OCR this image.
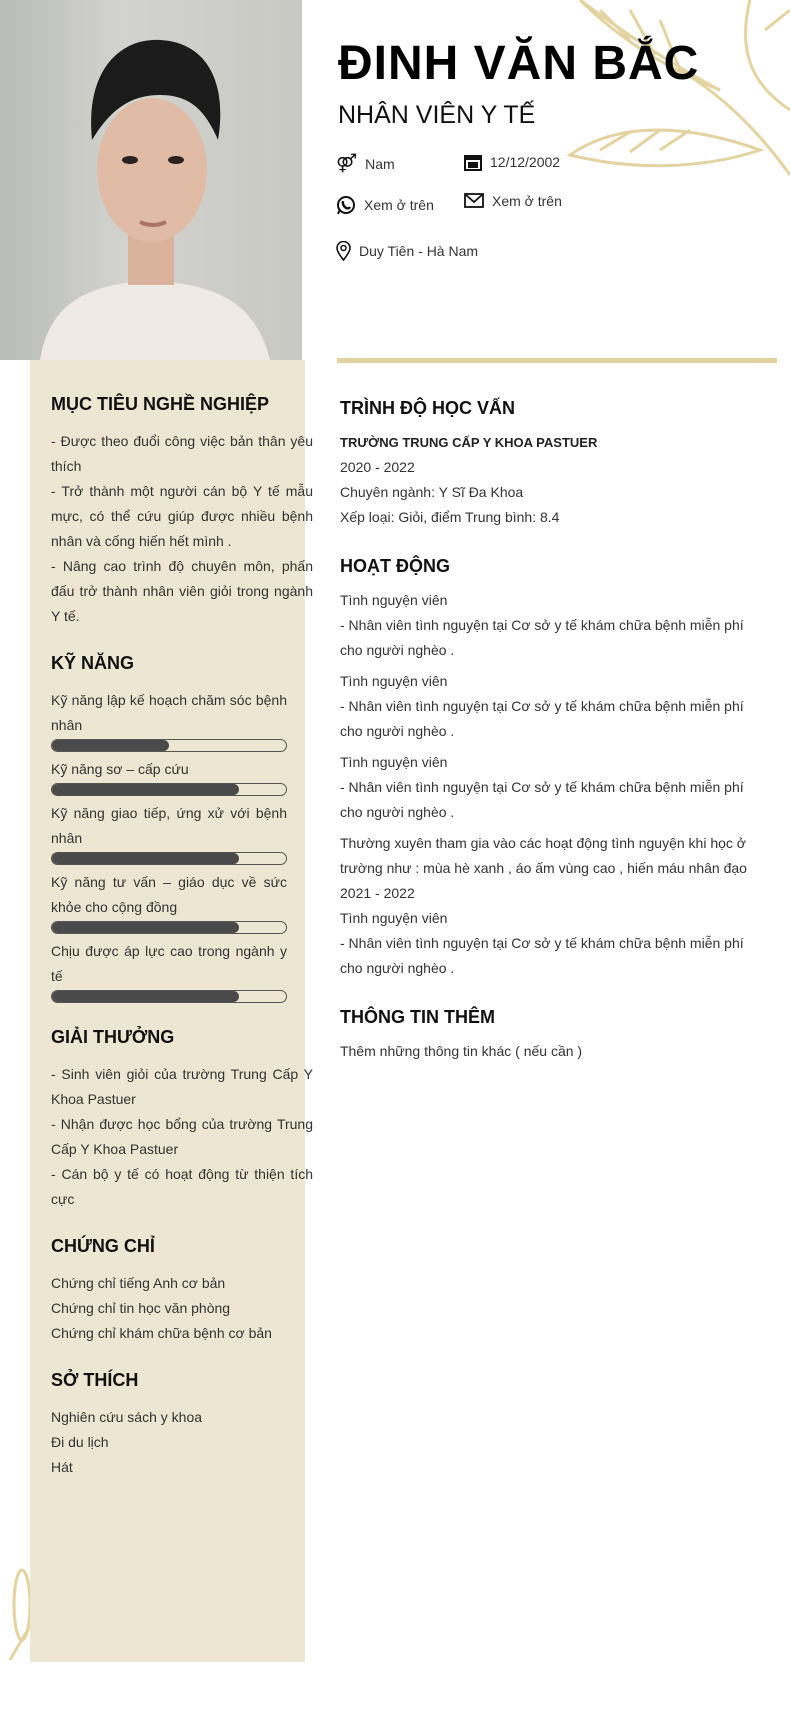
ĐINH VĂN BẮC
NHÂN VIÊN Y TẾ
⚤ Nam	12/12/2002
Xem ở trên	Xem ở trên
Duy Tiên - Hà Nam
MỤC TIÊU NGHỀ NGHIỆP
- Được theo đuổi công việc bản thân yêu thích
- Trở thành một người cán bộ Y tế mẫu mực, có thể cứu giúp được nhiều bệnh nhân và cống hiến hết mình .
- Nâng cao trình độ chuyên môn, phấn đấu trở thành nhân viên giỏi trong ngành Y tế.
KỸ NĂNG
Kỹ năng lập kế hoạch chăm sóc bệnh nhân
Kỹ năng sơ – cấp cứu
Kỹ năng giao tiếp, ứng xử với bệnh nhân
Kỹ năng tư vấn – giáo dục về sức khỏe cho cộng đồng
Chịu được áp lực cao trong ngành y tế
GIẢI THƯỞNG
- Sinh viên giỏi của trường Trung Cấp Y Khoa Pastuer
- Nhận được học bổng của trường Trung Cấp Y Khoa Pastuer
- Cán bộ y tế có hoạt động từ thiện tích cực
CHỨNG CHỈ
Chứng chỉ tiếng Anh cơ bản
Chứng chỉ tin học văn phòng
Chứng chỉ khám chữa bệnh cơ bản
SỞ THÍCH
Nghiên cứu sách y khoa
Đi du lịch
Hát
TRÌNH ĐỘ HỌC VẤN
TRƯỜNG TRUNG CẤP Y KHOA PASTUER
2020 - 2022
Chuyên ngành: Y Sĩ Đa Khoa
Xếp loại: Giỏi, điểm Trung bình: 8.4
HOẠT ĐỘNG
Tình nguyện viên
- Nhân viên tình nguyện tại Cơ sở y tế khám chữa bệnh miễn phí cho người nghèo .
Tình nguyện viên
- Nhân viên tình nguyện tại Cơ sở y tế khám chữa bệnh miễn phí cho người nghèo .
Tình nguyện viên
- Nhân viên tình nguyện tại Cơ sở y tế khám chữa bệnh miễn phí cho người nghèo .
Thường xuyên tham gia vào các hoạt động tình nguyện khi học ở trường như : mùa hè xanh , áo ấm vùng cao , hiến máu nhân đạo
2021 - 2022
Tình nguyện viên
- Nhân viên tình nguyện tại Cơ sở y tế khám chữa bệnh miễn phí cho người nghèo .
THÔNG TIN THÊM
Thêm những thông tin khác ( nếu cần )
